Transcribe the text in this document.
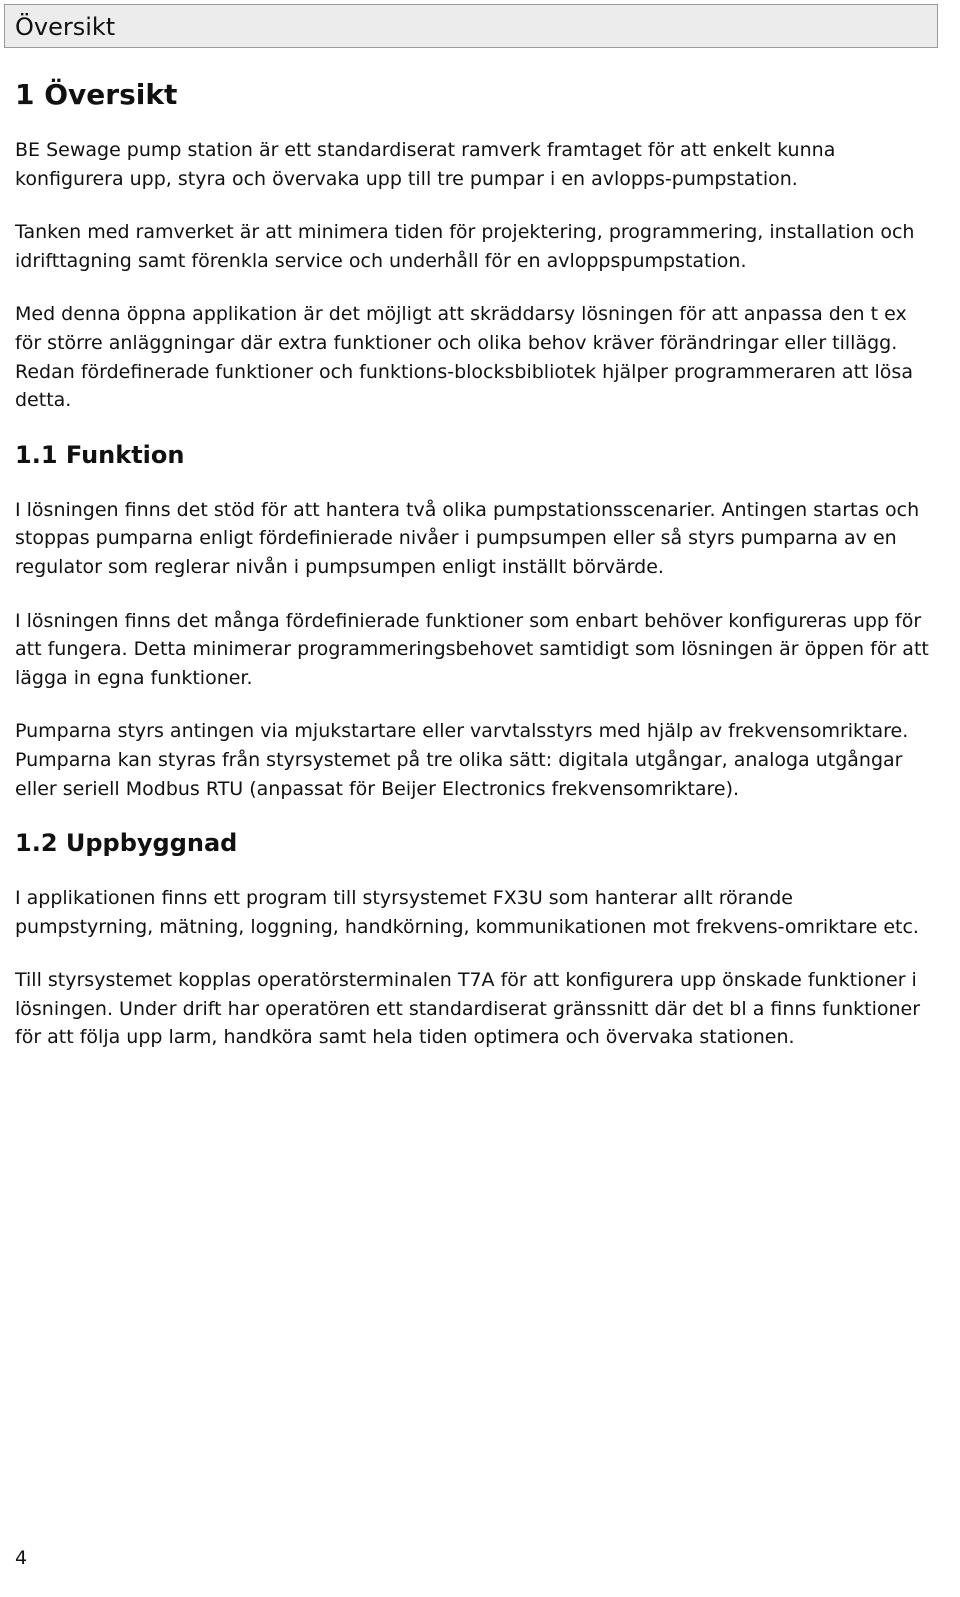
Översikt
1 Översikt

BE Sewage pump station är ett standardiserat ramverk framtaget för att enkelt kunna konfigurera upp, styra och övervaka upp till tre pumpar i en avlopps-pumpstation.

Tanken med ramverket är att minimera tiden för projektering, programmering, installation och idrifttagning samt förenkla service och underhåll för en avloppspumpstation.

Med denna öppna applikation är det möjligt att skräddarsy lösningen för att anpassa den t ex för större anläggningar där extra funktioner och olika behov kräver förändringar eller tillägg. Redan fördefinerade funktioner och funktions-blocksbibliotek hjälper programmeraren att lösa detta.

1.1 Funktion

I lösningen finns det stöd för att hantera två olika pumpstationsscenarier. Antingen startas och stoppas pumparna enligt fördefinierade nivåer i pumpsumpen eller så styrs pumparna av en regulator som reglerar nivån i pumpsumpen enligt inställt börvärde.

I lösningen finns det många fördefinierade funktioner som enbart behöver konfigureras upp för att fungera. Detta minimerar programmeringsbehovet samtidigt som lösningen är öppen för att lägga in egna funktioner.

Pumparna styrs antingen via mjukstartare eller varvtalsstyrs med hjälp av frekvensomriktare. Pumparna kan styras från styrsystemet på tre olika sätt: digitala utgångar, analoga utgångar eller seriell Modbus RTU (anpassat för Beijer Electronics frekvensomriktare).

1.2 Uppbyggnad

I applikationen finns ett program till styrsystemet FX3U som hanterar allt rörande pumpstyrning, mätning, loggning, handkörning, kommunikationen mot frekvens-omriktare etc.

Till styrsystemet kopplas operatörsterminalen T7A för att konfigurera upp önskade funktioner i lösningen. Under drift har operatören ett standardiserat gränssnitt där det bl a finns funktioner för att följa upp larm, handköra samt hela tiden optimera och övervaka stationen.

4
